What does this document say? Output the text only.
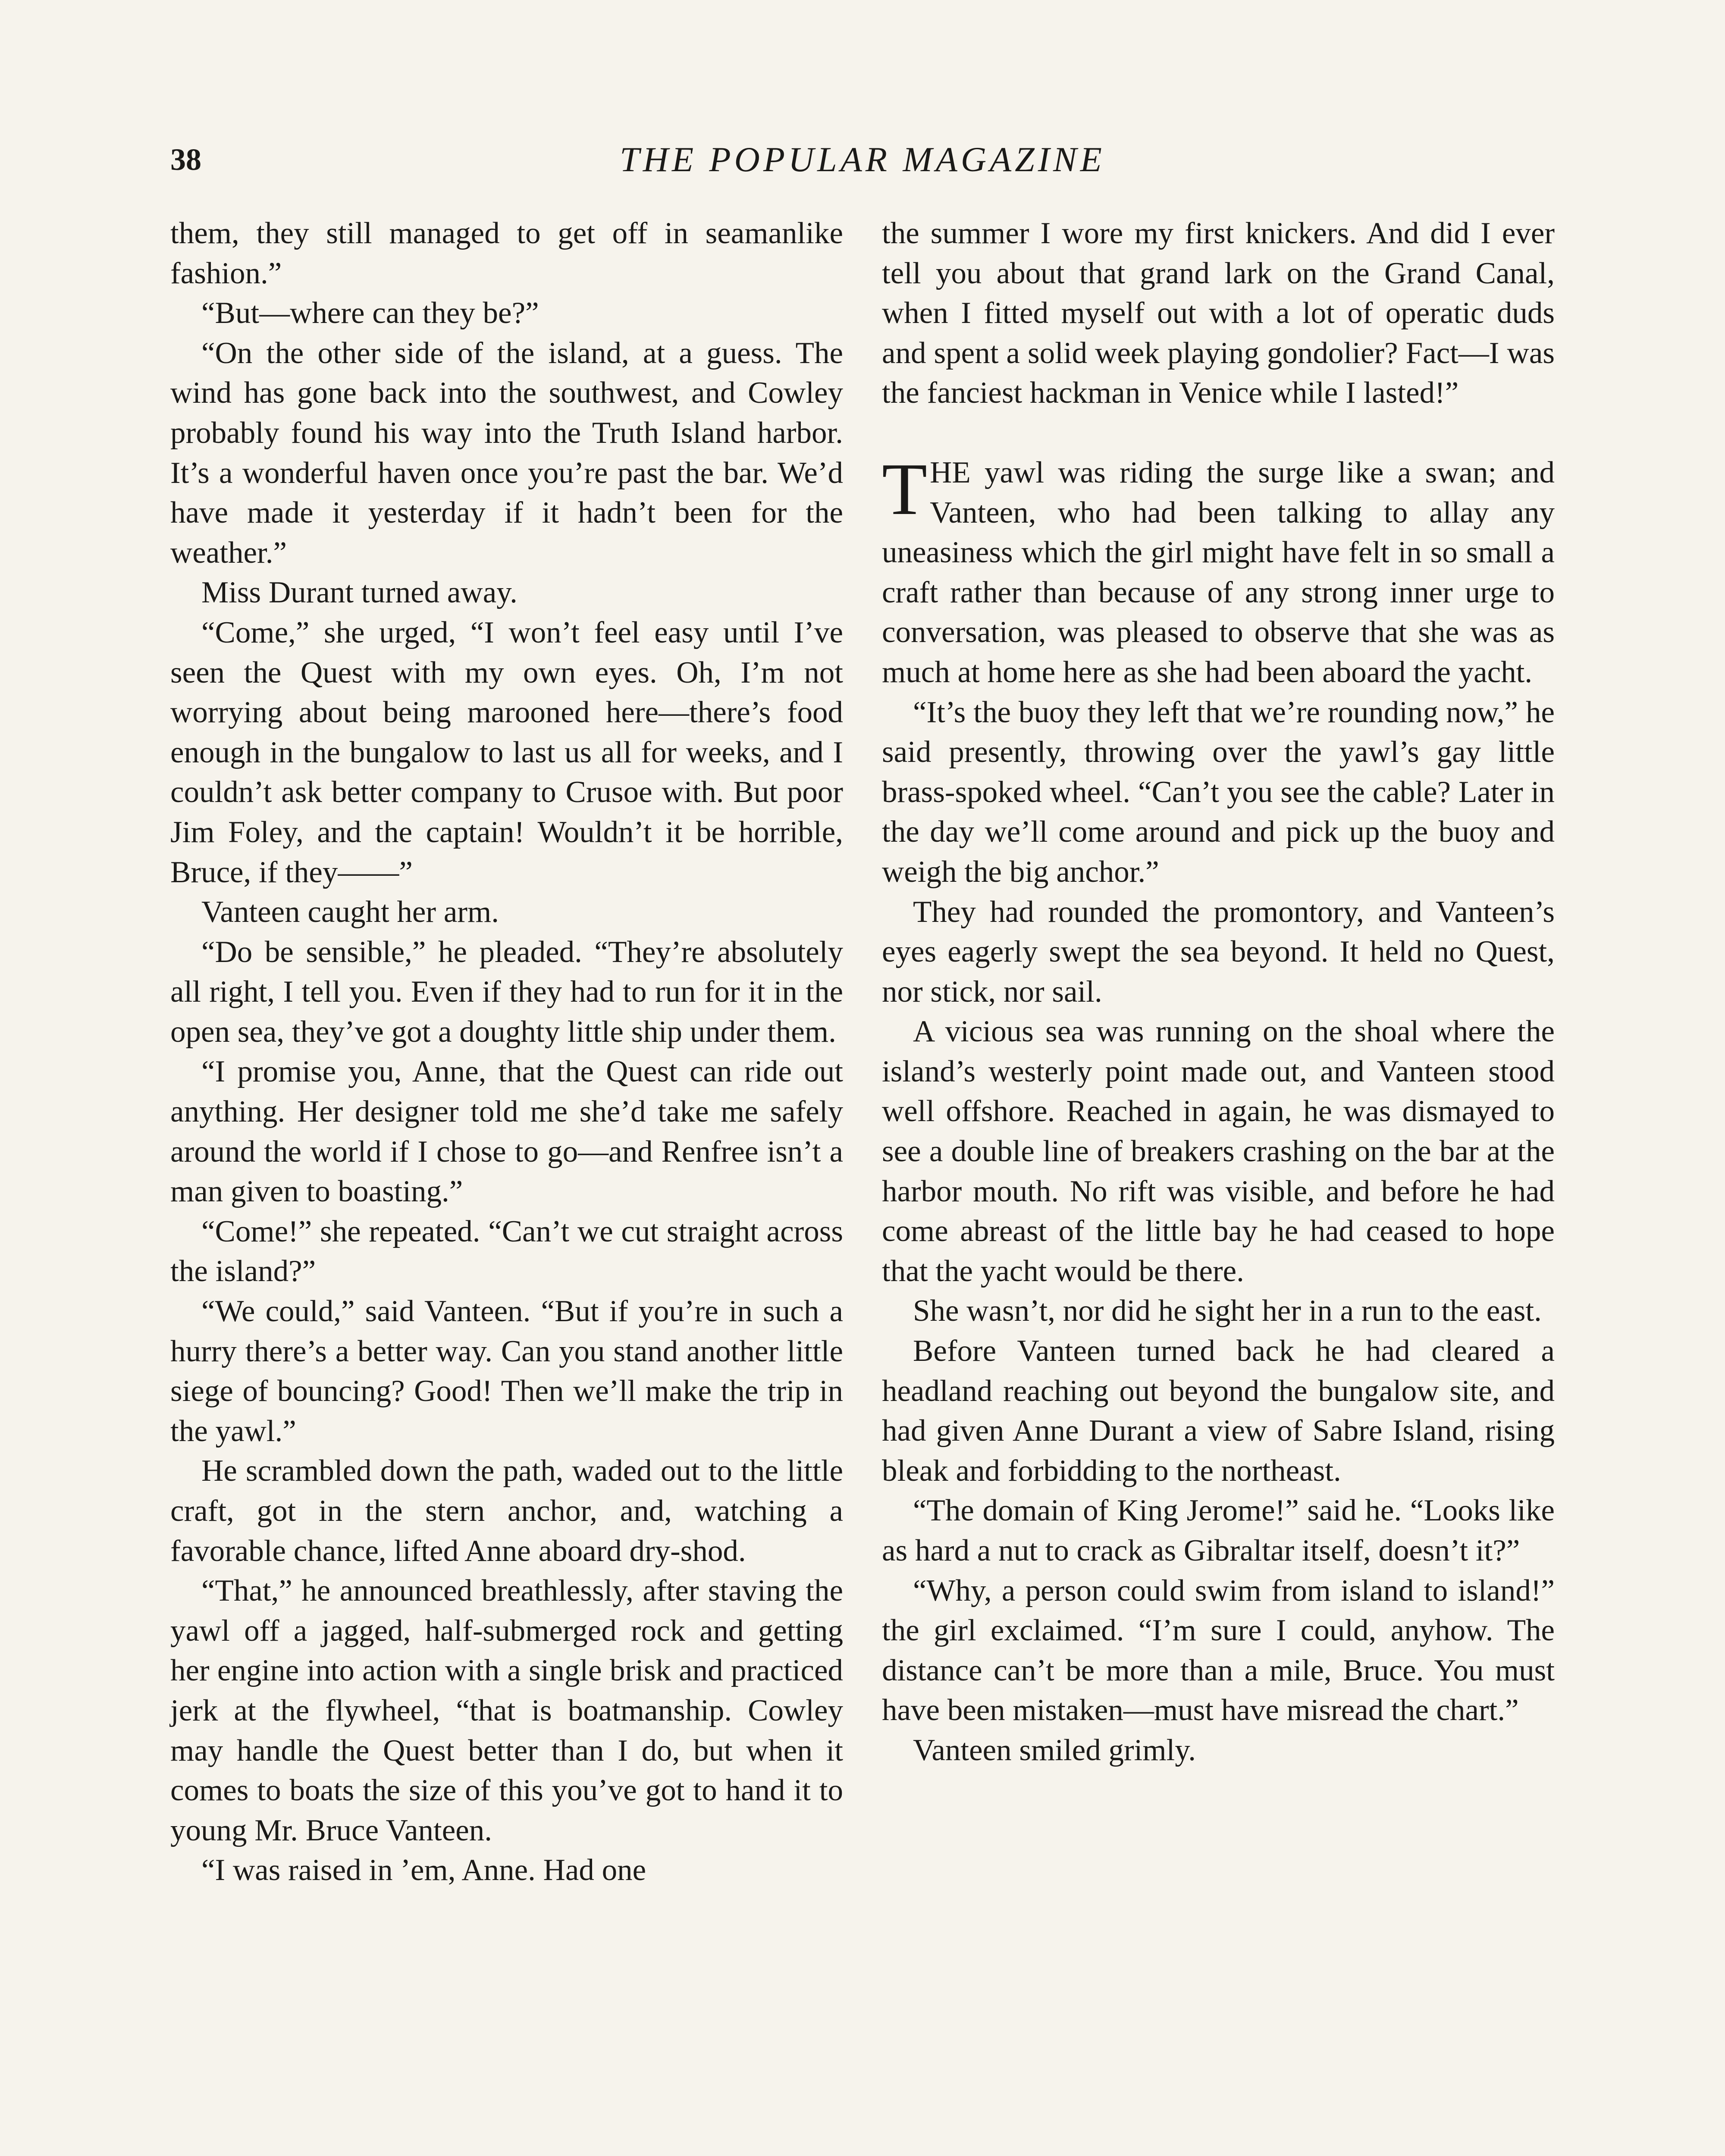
38	THE POPULAR MAGAZINE

them, they still managed to get off in seamanlike fashion.”

“But—where can they be?”

“On the other side of the island, at a guess. The wind has gone back into the southwest, and Cowley probably found his way into the Truth Island harbor. It’s a wonderful haven once you’re past the bar. We’d have made it yesterday if it hadn’t been for the weather.”

Miss Durant turned away.

“Come,” she urged, “I won’t feel easy until I’ve seen the Quest with my own eyes. Oh, I’m not worrying about being marooned here—there’s food enough in the bungalow to last us all for weeks, and I couldn’t ask better company to Crusoe with. But poor Jim Foley, and the captain! Wouldn’t it be horrible, Bruce, if they——”

Vanteen caught her arm.

“Do be sensible,” he pleaded. “They’re absolutely all right, I tell you. Even if they had to run for it in the open sea, they’ve got a doughty little ship under them.

“I promise you, Anne, that the Quest can ride out anything. Her designer told me she’d take me safely around the world if I chose to go—and Renfree isn’t a man given to boasting.”

“Come!” she repeated. “Can’t we cut straight across the island?”

“We could,” said Vanteen. “But if you’re in such a hurry there’s a better way. Can you stand another little siege of bouncing? Good! Then we’ll make the trip in the yawl.”

He scrambled down the path, waded out to the little craft, got in the stern anchor, and, watching a favorable chance, lifted Anne aboard dry-shod.

“That,” he announced breathlessly, after staving the yawl off a jagged, half-submerged rock and getting her engine into action with a single brisk and practiced jerk at the flywheel, “that is boatmanship. Cowley may handle the Quest better than I do, but when it comes to boats the size of this you’ve got to hand it to young Mr. Bruce Vanteen.

“I was raised in ’em, Anne. Had one

the summer I wore my first knickers. And did I ever tell you about that grand lark on the Grand Canal, when I fitted myself out with a lot of operatic duds and spent a solid week playing gondolier? Fact—I was the fanciest hackman in Venice while I lasted!”

THE yawl was riding the surge like a swan; and Vanteen, who had been talking to allay any uneasiness which the girl might have felt in so small a craft rather than because of any strong inner urge to conversation, was pleased to observe that she was as much at home here as she had been aboard the yacht.

“It’s the buoy they left that we’re rounding now,” he said presently, throwing over the yawl’s gay little brass-spoked wheel. “Can’t you see the cable? Later in the day we’ll come around and pick up the buoy and weigh the big anchor.”

They had rounded the promontory, and Vanteen’s eyes eagerly swept the sea beyond. It held no Quest, nor stick, nor sail.

A vicious sea was running on the shoal where the island’s westerly point made out, and Vanteen stood well offshore. Reached in again, he was dismayed to see a double line of breakers crashing on the bar at the harbor mouth. No rift was visible, and before he had come abreast of the little bay he had ceased to hope that the yacht would be there.

She wasn’t, nor did he sight her in a run to the east.

Before Vanteen turned back he had cleared a headland reaching out beyond the bungalow site, and had given Anne Durant a view of Sabre Island, rising bleak and forbidding to the northeast.

“The domain of King Jerome!” said he. “Looks like as hard a nut to crack as Gibraltar itself, doesn’t it?”

“Why, a person could swim from island to island!” the girl exclaimed. “I’m sure I could, anyhow. The distance can’t be more than a mile, Bruce. You must have been mistaken—must have misread the chart.”

Vanteen smiled grimly.
